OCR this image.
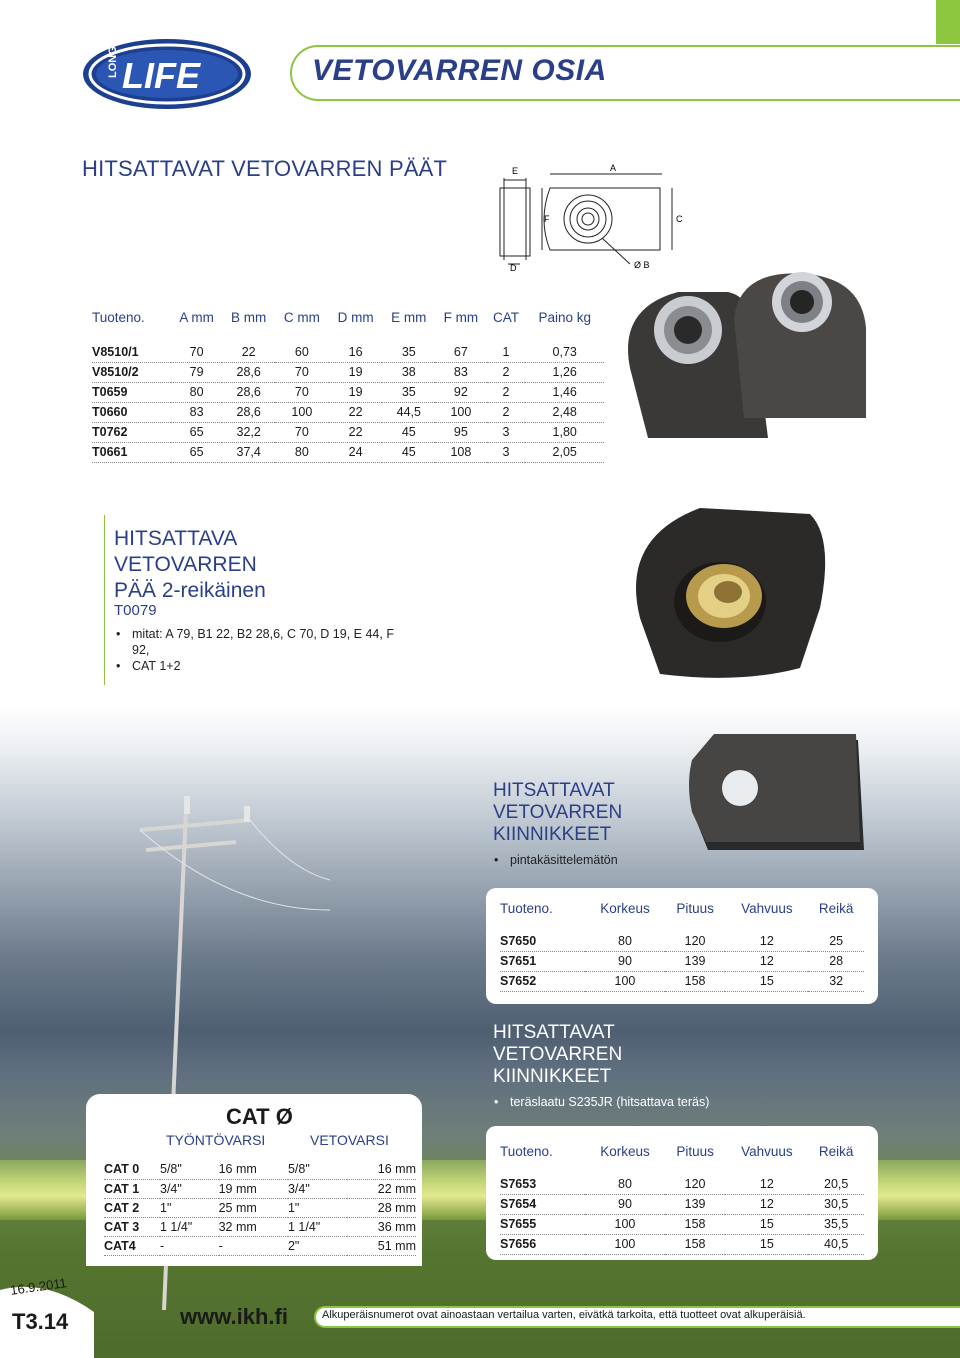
LONG LIFE	VETOVARREN OSIA
HITSATTAVAT VETOVARREN PÄÄT	E	A
F	C
Ø B
D
Tuoteno.	A mm	B mm	C mm	D mm	E mm	F mm	CAT	Paino kg

V8510/1	70	22	60	16	35	67	1	0,73
V8510/2	79	28,6	70	19	38	83	2	1,26
T0659	80	28,6	70	19	35	92	2	1,46
T0660	83	28,6	100	22	44,5	100	2	2,48
T0762	65	32,2	70	22	45	95	3	1,80
T0661	65	37,4	80	24	45	108	3	2,05
HITSATTAVA
VETOVARREN
PÄÄ 2-reikäinen
T0079
• mitat: A 79, B1 22, B2 28,6, C 70, D 19, E 44, F 92,
• CAT 1+2
HITSATTAVAT
VETOVARREN
KIINNIKKEET
• pintakäsittelemätön
Tuoteno.	Korkeus	Pituus	Vahvuus	Reikä

S7650	80	120	12	25
S7651	90	139	12	28
S7652	100	158	15	32
HITSATTAVAT
VETOVARREN
KIINNIKKEET
• teräslaatu S235JR (hitsattava teräs)
Tuoteno.	Korkeus	Pituus	Vahvuus	Reikä

S7653	80	120	12	20,5
S7654	90	139	12	30,5
S7655	100	158	15	35,5
S7656	100	158	15	40,5
CAT Ø
TYÖNTÖVARSI	VETOVARSI
CAT 0	5/8"	16 mm	5/8"	16 mm
CAT 1	3/4"	19 mm	3/4"	22 mm
CAT 2	1"	25 mm	1"	28 mm
CAT 3	1 1/4"	32 mm	1 1/4"	36 mm
CAT4	-	-	2"	51 mm
16.9.2011
T3.14	www.ikh.fi	Alkuperäisnumerot ovat ainoastaan vertailua varten, eivätkä tarkoita, että tuotteet ovat alkuperäisiä.
